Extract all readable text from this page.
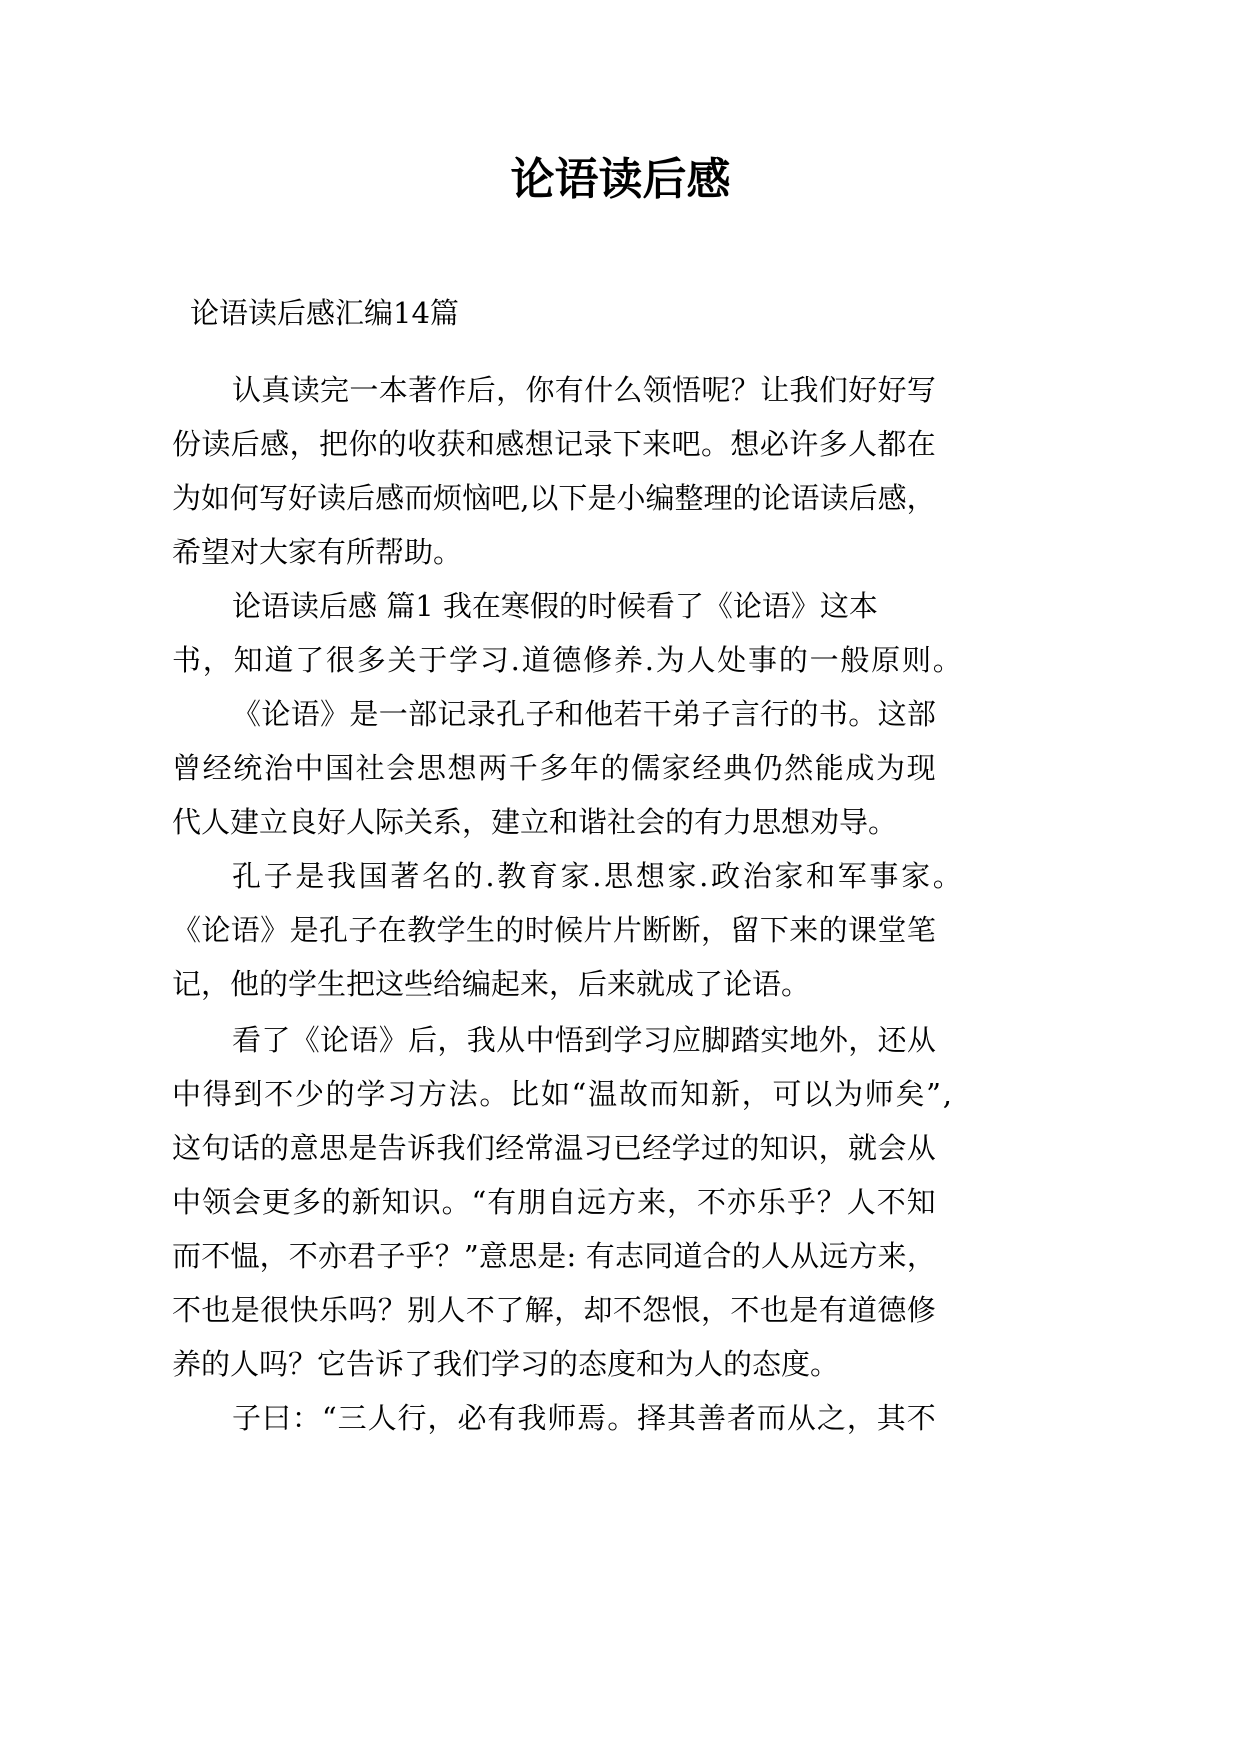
论语读后感

论语读后感汇编14篇

认 真 读 完 一 本 著 作 后 ， 你 有 什 么 领 悟 呢 ？ 让 我 们 好 好 写

份 读 后 感 ， 把 你 的 收 获 和 感 想 记 录 下 来 吧 。 想 必 许 多 人 都 在

为 如 何 写 好 读 后 感 而 烦 恼 吧 , 以 下 是 小 编 整 理 的 论 语 读 后 感 ，

希望对大家有所帮助。

论语读后感 篇1 我在寒假的时候看了《论语》这本

书 ， 知 道 了 很 多 关 于 学 习 . 道 德 修 养 . 为 人 处 事 的 一 般 原 则 。

《 论 语 》 是 一 部 记 录 孔 子 和 他 若 干 弟 子 言 行 的 书 。 这 部

曾 经 统 治 中 国 社 会 思 想 两 千 多 年 的 儒 家 经 典 仍 然 能 成 为 现

代人建立良好人际关系，建立和谐社会的有力思想劝导。

孔 子 是 我 国 著 名 的 . 教 育 家 . 思 想 家 . 政 治 家 和 军 事 家 。

《 论 语 》 是 孔 子 在 教 学 生 的 时 候 片 片 断 断 ， 留 下 来 的 课 堂 笔

记，他的学生把这些给编起来，后来就成了论语。

看 了 《 论 语 》 后 ， 我 从 中 悟 到 学 习 应 脚 踏 实 地 外 ， 还 从

中 得 到 不 少 的 学 习 方 法 。 比 如 “ 温 故 而 知 新 ， 可 以 为 师 矣 ” ,

这 句 话 的 意 思 是 告 诉 我 们 经 常 温 习 已 经 学 过 的 知 识 ， 就 会 从

中 领 会 更 多 的 新 知 识 。 “ 有 朋 自 远 方 来 ， 不 亦 乐 乎 ？ 人 不 知

而 不 愠 ， 不 亦 君 子 乎 ？ ” 意 思 是 :
有 志 同 道 合 的 人 从 远 方 来 ，

不 也 是 很 快 乐 吗 ？ 别 人 不 了 解 ， 却 不 怨 恨 ， 不 也 是 有 道 德 修

养的人吗？它告诉了我们学习的态度和为人的态度。

子 曰 ： “ 三 人 行 ， 必 有 我 师 焉 。 择 其 善 者 而 从 之 ， 其 不
